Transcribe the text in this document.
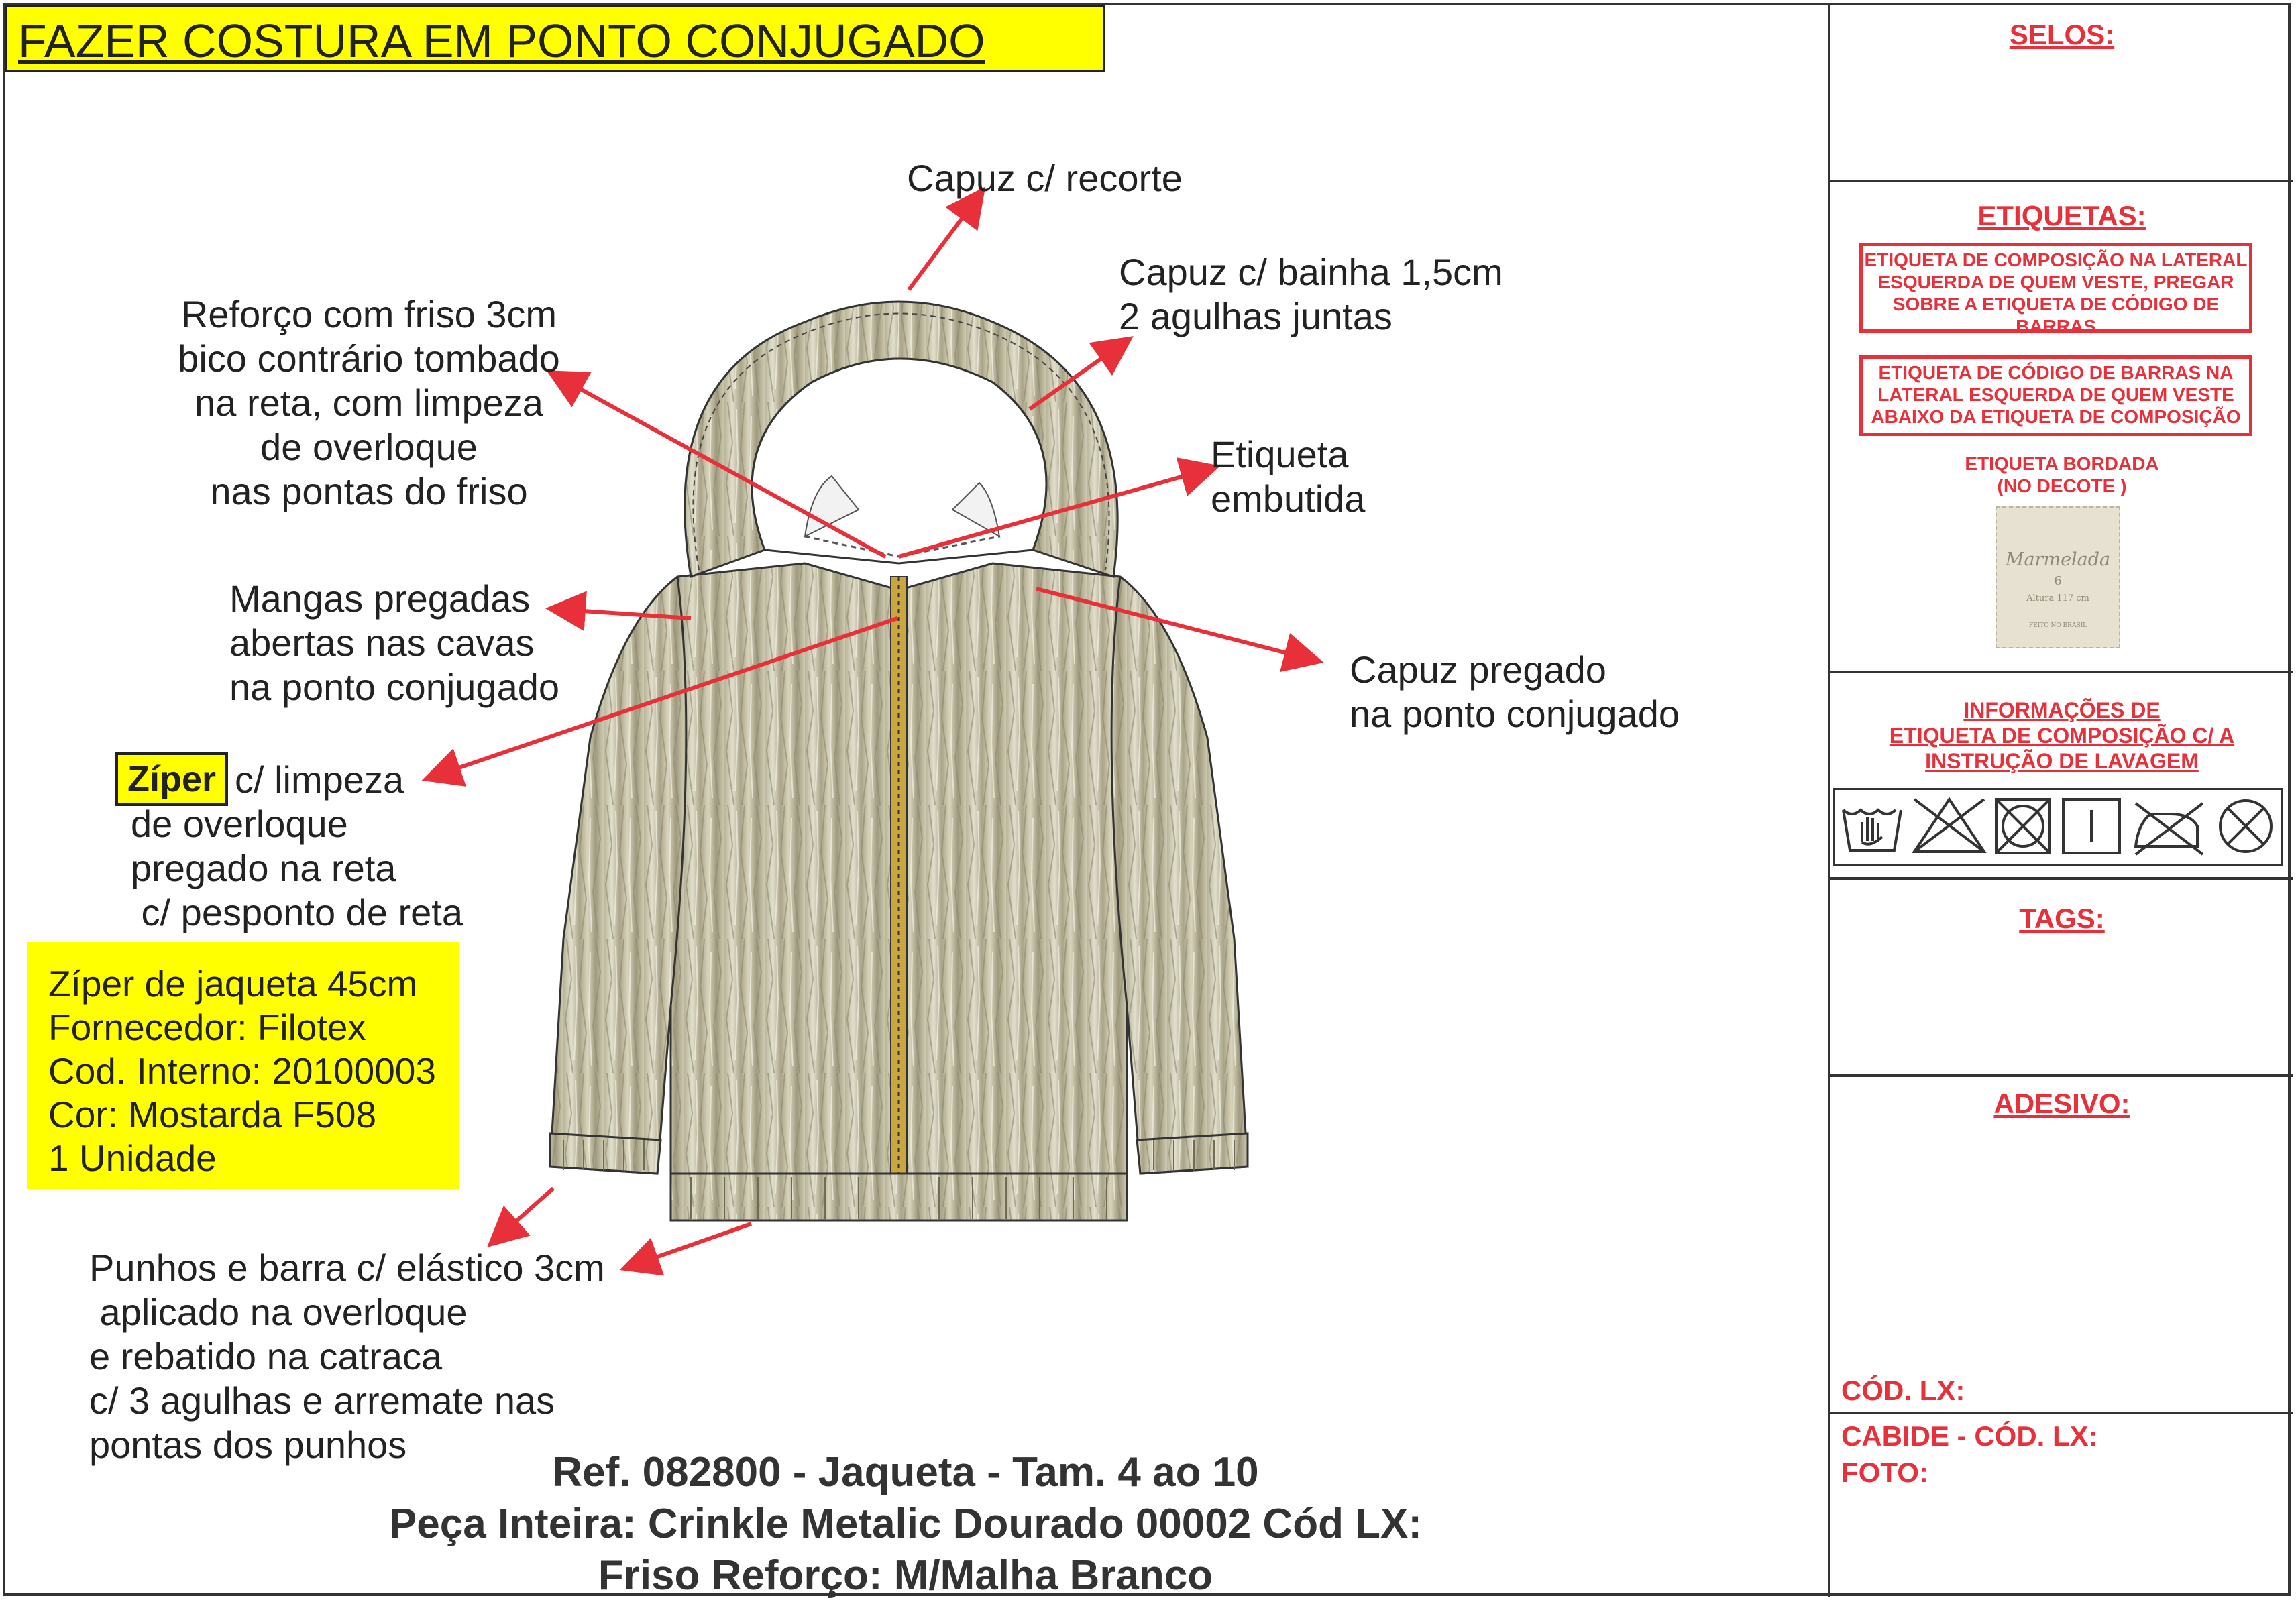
FAZER COSTURA EM PONTO CONJUGADO
Capuz c/ recorte
Capuz c/ bainha 1,5cm
2 agulhas juntas
Reforço com friso 3cm
bico contrário tombado
na reta, com limpeza
de overloque
nas pontas do friso
Etiqueta
embutida
Mangas pregadas
abertas nas cavas
na ponto conjugado	Capuz pregado
na ponto conjugado
Zíper c/ limpeza
de overloque
pregado na reta
c/ pesponto de reta
Zíper de jaqueta 45cm
Fornecedor: Filotex
Cod. Interno: 20100003
Cor: Mostarda F508
1 Unidade
Punhos e barra c/ elástico 3cm
aplicado na overloque
e rebatido na catraca
c/ 3 agulhas e arremate nas
pontas dos punhos
Ref. 082800 - Jaqueta - Tam. 4 ao 10
Peça Inteira: Crinkle Metalic Dourado 00002 Cód LX:
Friso Reforço: M/Malha Branco
SELOS:
ETIQUETAS:
ETIQUETA DE COMPOSIÇÃO NA LATERAL ESQUERDA DE QUEM VESTE, PREGAR SOBRE A ETIQUETA DE CÓDIGO DE BARRAS
ETIQUETA DE CÓDIGO DE BARRAS NA LATERAL ESQUERDA DE QUEM VESTE ABAIXO DA ETIQUETA DE COMPOSIÇÃO
ETIQUETA BORDADA
(NO DECOTE )
Marmelada
6
Altura 117 cm
FEITO NO BRASIL
INFORMAÇÕES DE
ETIQUETA DE COMPOSIÇÃO C/ A
INSTRUÇÃO DE LAVAGEM
TAGS:
ADESIVO:
CÓD. LX:
CABIDE - CÓD. LX:
FOTO:
